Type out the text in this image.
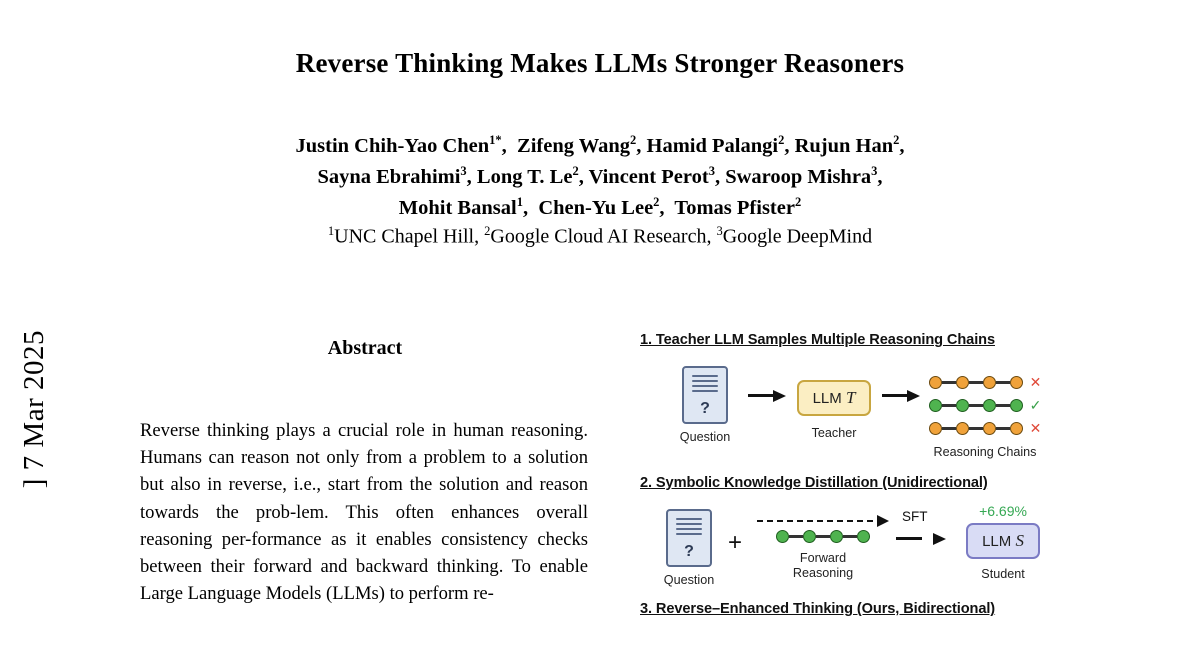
] 7 Mar 2025
Reverse Thinking Makes LLMs Stronger Reasoners
Justin Chih-Yao Chen$^{1*}$,  Zifeng Wang$^2$, Hamid Palangi$^2$, Rujun Han$^2$,
Sayna Ebrahimi$^3$, Long T. Le$^2$, Vincent Perot$^3$, Swaroop Mishra$^3$,
Mohit Bansal$^1$,  Chen-Yu Lee$^2$,  Tomas Pfister$^2$
$^1$UNC Chapel Hill, $^2$Google Cloud AI Research, $^3$Google DeepMind
Abstract
Reverse thinking plays a crucial role in human reasoning. Humans can reason not only from a problem to a solution but also in reverse, i.e., start from the solution and reason towards the prob-lem. This often enhances overall reasoning per-formance as it enables consistency checks between their forward and backward thinking. To enable Large Language Models (LLMs) to perform re-
1. Teacher LLM Samples Multiple Reasoning Chains
?
Question
LLM T
Teacher
✕
✓
✕
Reasoning Chains
2. Symbolic Knowledge Distillation (Unidirectional)
?
Question
+
Forward
Reasoning
SFT	+6.69%
LLM S
Student
3. Reverse–Enhanced Thinking (Ours, Bidirectional)
